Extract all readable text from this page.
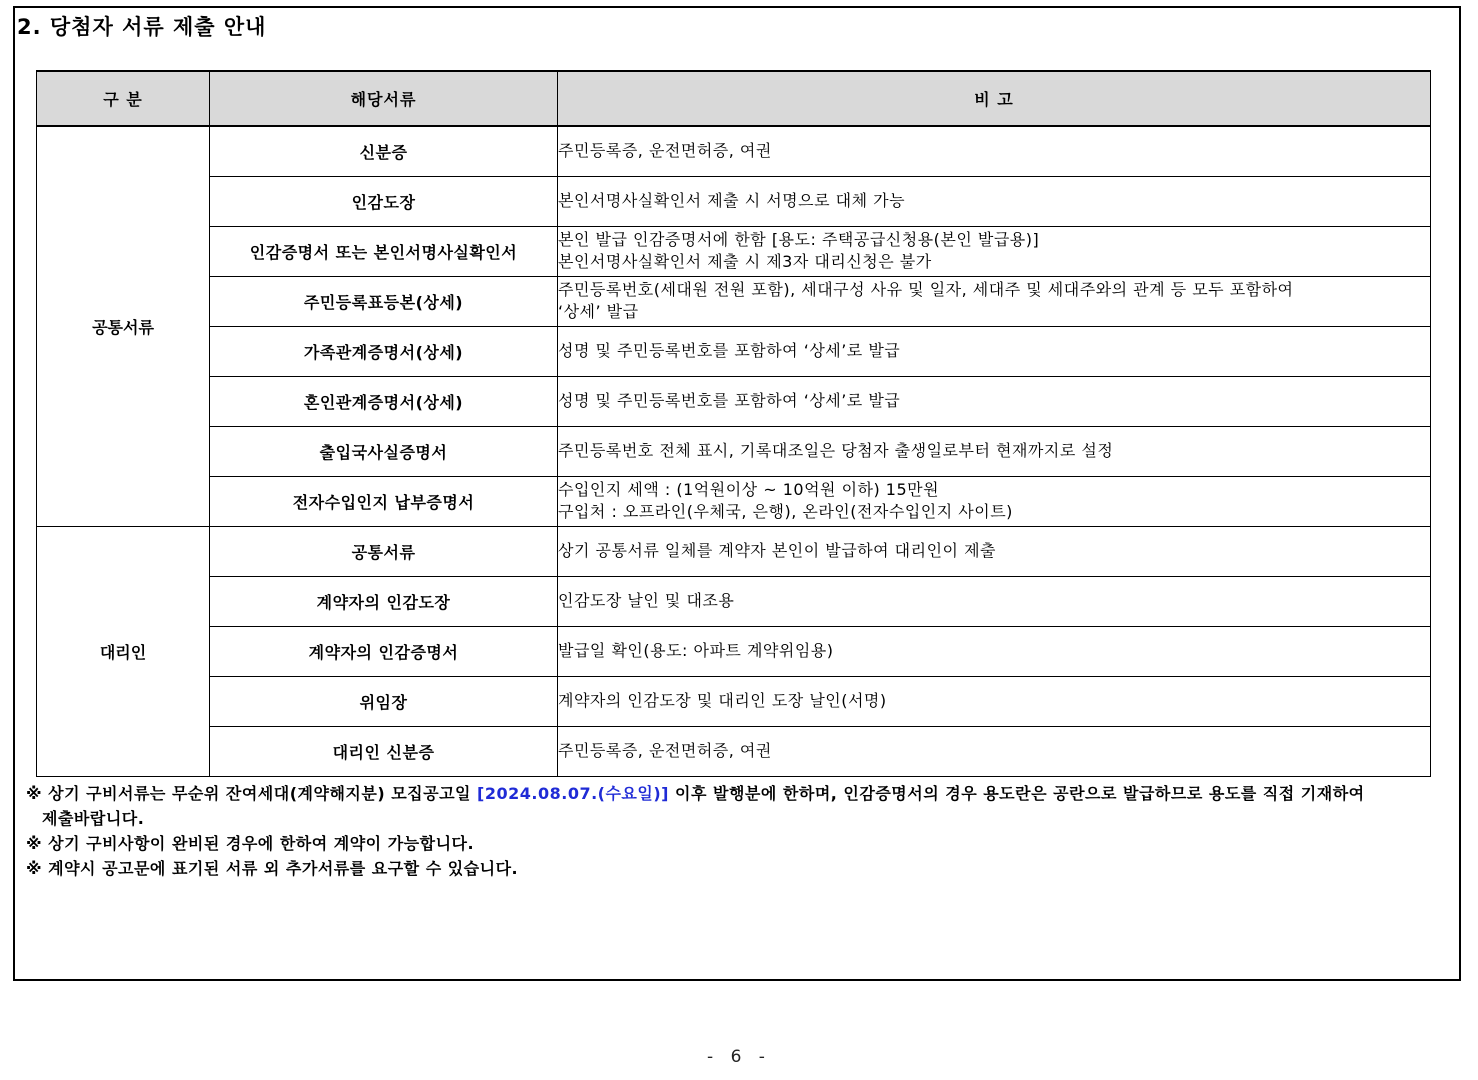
2. 당첨자 서류 제출 안내
구 분	해당서류	비 고
공통서류	신분증	주민등록증, 운전면허증, 여권

	인감도장	본인서명사실확인서 제출 시 서명으로 대체 가능

	인감증명서 또는 본인서명사실확인서	본인 발급 인감증명서에 한함 [용도: 주택공급신청용(본인 발급용)]
본인서명사실확인서 제출 시 제3자 대리신청은 불가

	주민등록표등본(상세)	주민등록번호(세대원 전원 포함), 세대구성 사유 및 일자, 세대주 및 세대주와의 관계 등 모두 포함하여
‘상세’ 발급

	가족관계증명서(상세)	성명 및 주민등록번호를 포함하여 ‘상세’로 발급

	혼인관계증명서(상세)	성명 및 주민등록번호를 포함하여 ‘상세’로 발급

	출입국사실증명서	주민등록번호 전체 표시, 기록대조일은 당첨자 출생일로부터 현재까지로 설정

	전자수입인지 납부증명서	수입인지 세액 : (1억원이상 ~ 10억원 이하) 15만원
구입처 : 오프라인(우체국, 은행), 온라인(전자수입인지 사이트)

대리인	공통서류	상기 공통서류 일체를 계약자 본인이 발급하여 대리인이 제출

	계약자의 인감도장	인감도장 날인 및 대조용

	계약자의 인감증명서	발급일 확인(용도: 아파트 계약위임용)

	위임장	계약자의 인감도장 및 대리인 도장 날인(서명)

	대리인 신분증	주민등록증, 운전면허증, 여권
※ 상기 구비서류는 무순위 잔여세대(계약해지분) 모집공고일 [2024.08.07.(수요일)] 이후 발행분에 한하며, 인감증명서의 경우 용도란은 공란으로 발급하므로 용도를 직접 기재하여
제출바랍니다.
※ 상기 구비사항이 완비된 경우에 한하여 계약이 가능합니다.
※ 계약시 공고문에 표기된 서류 외 추가서류를 요구할 수 있습니다.
- 6 -
